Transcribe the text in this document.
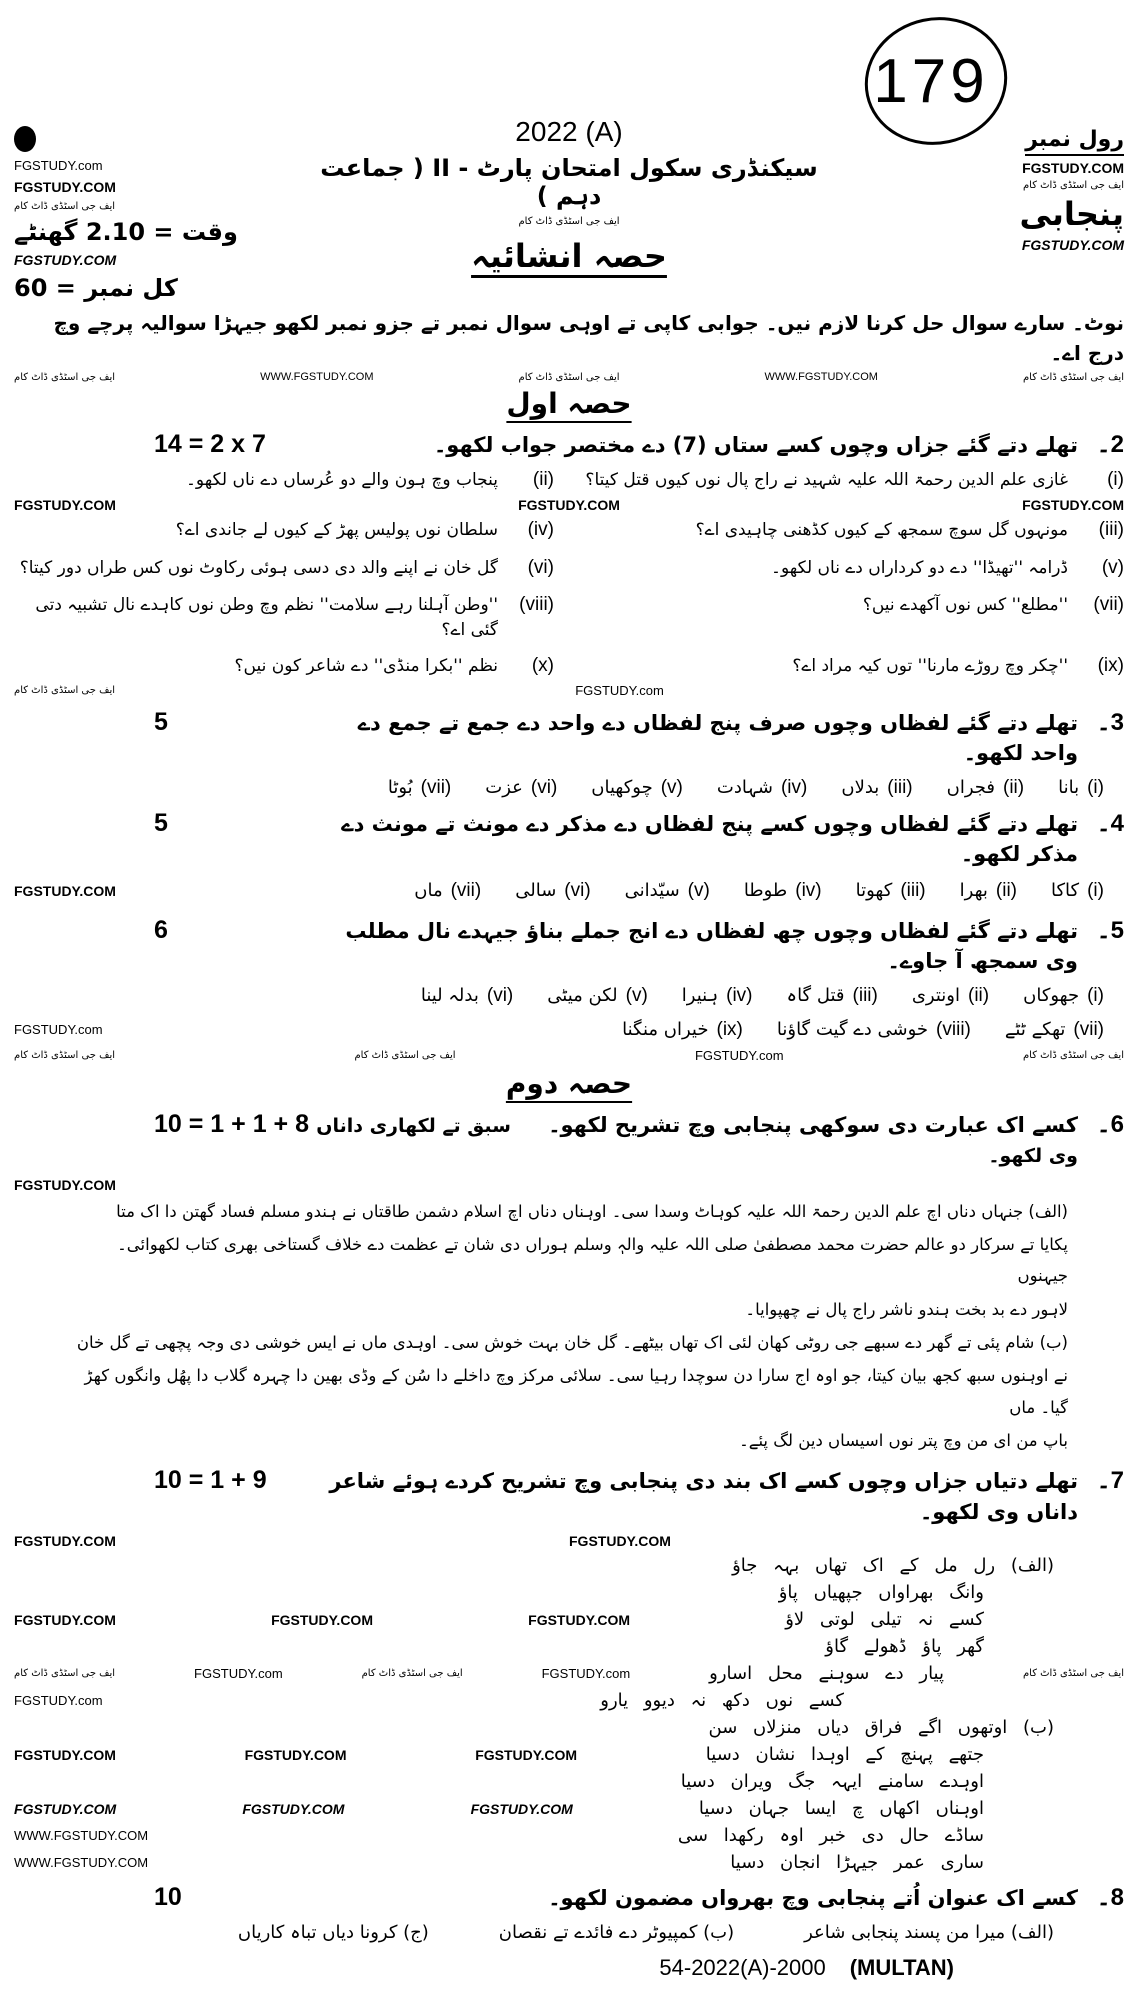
رول نمبر
179
FGSTUDY.COM
ایف جی اسٹڈی ڈاٹ کام
پنجابی
FGSTUDY.COM
2022 (A)
سیکنڈری سکول امتحان پارٹ - II ( جماعت دہم )
ایف جی اسٹڈی ڈاٹ کام
حصہ انشائیہ
FGSTUDY.com
FGSTUDY.COM
ایف جی اسٹڈی ڈاٹ کام
وقت = 2.10 گھنٹے
FGSTUDY.COM
کل نمبر = 60
نوٹ۔ سارے سوال حل کرنا لازم نیں۔ جوابی کاپی تے اوہی سوال نمبر تے جزو نمبر لکھو جیہڑا سوالیہ پرچے وچ درج اے۔
ایف جی اسٹڈی ڈاٹ کام
WWW.FGSTUDY.COM
ایف جی اسٹڈی ڈاٹ کام
WWW.FGSTUDY.COM
ایف جی اسٹڈی ڈاٹ کام
حصہ اول
2۔
تھلے دتے گئے جزاں وچوں کسے ستاں (7) دے مختصر جواب لکھو۔
14 = 2 x 7
(i)
غازی علم الدین رحمۃ اللہ علیہ شہید نے راج پال نوں کیوں قتل کیتا؟
(ii)
پنجاب وچ ہون والے دو عُرساں دے ناں لکھو۔
FGSTUDY.COM
FGSTUDY.COM
FGSTUDY.COM
(iii)
مونہوں گل سوچ سمجھ کے کیوں کڈھنی چاہیدی اے؟
(iv)
سلطان نوں پولیس پھڑ کے کیوں لے جاندی اے؟
(v)
ڈرامہ ''تھیڈا'' دے دو کرداراں دے ناں لکھو۔
(vi)
گل خان نے اپنے والد دی دسی ہوئی رکاوٹ نوں کس طراں دور کیتا؟
(vii)
''مطلع'' کس نوں آکھدے نیں؟
(viii)
''وطن آہلنا رہے سلامت'' نظم وچ وطن نوں کاہدے نال تشبیہ دتی گئی اے؟
(ix)
''چکر وچ روڑے مارنا'' توں کیہ مراد اے؟
(x)
نظم ''بکرا منڈی'' دے شاعر کون نیں؟
FGSTUDY.com
ایف جی اسٹڈی ڈاٹ کام
3۔
تھلے دتے گئے لفظاں وچوں صرف پنج لفظاں دے واحد دے جمع تے جمع دے واحد لکھو۔
5
(i)
بانا
(ii)
فجراں
(iii)
بدلاں
(iv)
شہادت
(v)
چوکھیاں
(vi)
عزت
(vii)
بُوٹا
4۔
تھلے دتے گئے لفظاں وچوں کسے پنج لفظاں دے مذکر دے مونث تے مونث دے مذکر لکھو۔
5
(i)
کاکا
(ii)
بھرا
(iii)
کھوتا
(iv)
طوطا
(v)
سیّدانی
(vi)
سالی
(vii)
ماں
FGSTUDY.COM
5۔
تھلے دتے گئے لفظاں وچوں چھ لفظاں دے انج جملے بناؤ جیہدے نال مطلب وی سمجھ آ جاوے۔
6
(i)
جھوکاں
(ii)
اونتری
(iii)
قتل گاہ
(iv)
ہنیرا
(v)
لکن میٹی
(vi)
بدلہ لینا
(vii)
تھکے ٹٹے
(viii)
خوشی دے گیت گاؤنا
(ix)
خیراں منگنا
FGSTUDY.com
ایف جی اسٹڈی ڈاٹ کام
FGSTUDY.com
ایف جی اسٹڈی ڈاٹ کام
ایف جی اسٹڈی ڈاٹ کام
حصہ دوم
6۔
کسے اک عبارت دی سوکھی پنجابی وچ تشریح لکھو۔ سبق تے لکھاری داناں وی لکھو۔
10 = 1 + 1 + 8
FGSTUDY.COM
(الف) جنہاں دناں اچ علم الدین رحمۃ اللہ علیہ کوہاٹ وسدا سی۔ اوہناں دناں اچ اسلام دشمن طاقتاں نے ہندو مسلم فساد گھتن دا اک متا
پکایا تے سرکار دو عالم حضرت محمد مصطفیٰ صلی اللہ علیہ والہٖ وسلم ہوراں دی شان تے عظمت دے خلاف گستاخی بھری کتاب لکھوائی۔ جیہنوں
لاہور دے بد بخت ہندو ناشر راج پال نے چھپوایا۔
(ب) شام پئی تے گھر دے سبھے جی روٹی کھان لئی اک تھاں بیٹھے۔ گل خان بہت خوش سی۔ اوہدی ماں نے ایس خوشی دی وجہ پچھی تے گل خان
نے اوہنوں سبھ کجھ بیان کیتا، جو اوہ اج سارا دن سوچدا رہیا سی۔ سلائی مرکز وچ داخلے دا سُن کے وڈی بھین دا چہرہ گلاب دا پھُل وانگوں کھڑ گیا۔ ماں
باپ من ای من وچ پتر نوں اسیساں دین لگ پئے۔
7۔
تھلے دتیاں جزاں وچوں کسے اک بند دی پنجابی وچ تشریح کردے ہوئے شاعر داناں وی لکھو۔
10 = 1 + 9
FGSTUDY.COM
FGSTUDY.COM
(الف) رل مل کے اک تھاں بہہ جاؤ
وانگ بھراواں جپھیاں پاؤ
کسے نہ تیلی لوتی لاؤ
FGSTUDY.COM
FGSTUDY.COM
FGSTUDY.COM
گھر پاؤ ڈھولے گاؤ
ایف جی اسٹڈی ڈاٹ کام
پیار دے سوہنے محل اسارو
FGSTUDY.com
ایف جی اسٹڈی ڈاٹ کام
FGSTUDY.com
ایف جی اسٹڈی ڈاٹ کام
کسے نوں دکھ نہ دیوو یارو
FGSTUDY.com
(ب) اوتھوں اگے فراق دیاں منزلاں سن
جتھے پہنچ کے اوہدا نشان دسیا
FGSTUDY.COM
FGSTUDY.COM
FGSTUDY.COM
اوہدے سامنے ایہہ جگ ویران دسیا
اوہناں اکھاں چ ایسا جہان دسیا
FGSTUDY.COM
FGSTUDY.COM
FGSTUDY.COM
ساڈے حال دی خبر اوہ رکھدا سی
WWW.FGSTUDY.COM
ساری عمر جیہڑا انجان دسیا
WWW.FGSTUDY.COM
8۔
کسے اک عنوان اُتے پنجابی وچ بھرواں مضمون لکھو۔
10
(الف) میرا من پسند پنجابی شاعر
(ب) کمپیوٹر دے فائدے تے نقصان
(ج) کرونا دیاں تباہ کاریاں
(MULTAN)
54-2022(A)-2000
